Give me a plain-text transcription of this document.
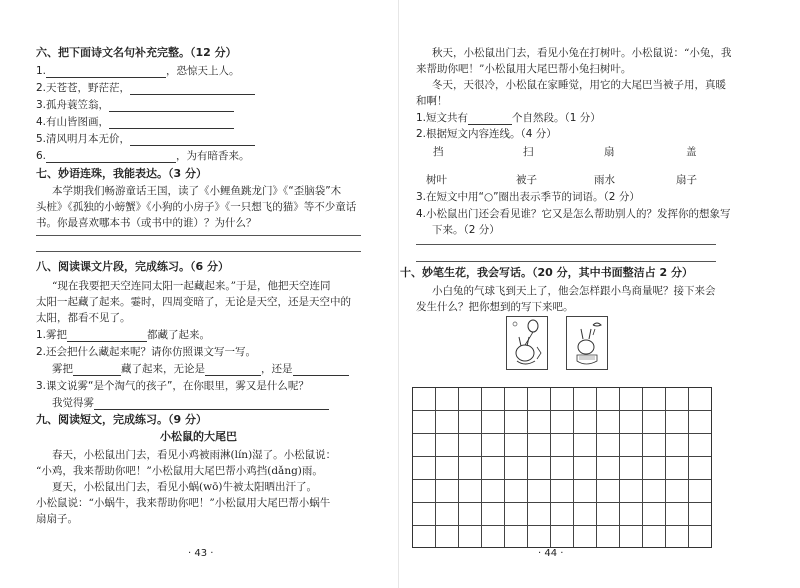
六、把下面诗文名句补充完整。（12 分）
1.	，恐惊天上人。
2.天苍苍，野茫茫，
3.孤舟蓑笠翁，
4.有山皆图画，
5.清风明月本无价，
6.	，为有暗香来。
七、妙语连珠，我能表达。（3 分）
本学期我们畅游童话王国，读了《小鲤鱼跳龙门》《“歪脑袋”木
头桩》《孤独的小螃蟹》《小狗的小房子》《一只想飞的猫》等不少童话
书。你最喜欢哪本书（或书中的谁）？为什么？
八、阅读课文片段，完成练习。（6 分）
“现在我要把天空连同太阳一起藏起来。”于是，他把天空连同
太阳一起藏了起来。霎时，四周变暗了，无论是天空，还是天空中的
太阳，都看不见了。
1.雾把	都藏了起来。
2.还会把什么藏起来呢？请你仿照课文写一写。
雾把	藏了起来，无论是	，还是
3.课文说雾“是个淘气的孩子”，在你眼里，雾又是什么呢？
我觉得雾
九、阅读短文，完成练习。（9 分）
小松鼠的大尾巴
春天，小松鼠出门去，看见小鸡被雨淋(lín)湿了。小松鼠说：
“小鸡，我来帮助你吧！”小松鼠用大尾巴帮小鸡挡(dǎng)雨。
夏天，小松鼠出门去，看见小蜗(wō)牛被太阳晒出汗了。
小松鼠说：“小蜗牛，我来帮助你吧！”小松鼠用大尾巴帮小蜗牛
扇扇子。
· 43 ·
秋天，小松鼠出门去，看见小兔在打树叶。小松鼠说：“小兔，我
来帮助你吧！”小松鼠用大尾巴帮小兔扫树叶。
冬天，天很冷，小松鼠在家睡觉，用它的大尾巴当被子用，真暖
和啊！
1.短文共有	个自然段。（1 分）
2.根据短文内容连线。（4 分）
挡	扫	扇	盖
树叶	被子	雨水	扇子
3.在短文中用“○”圈出表示季节的词语。（2 分）
4.小松鼠出门还会看见谁？它又是怎么帮助别人的？发挥你的想象写
下来。（2 分）
十、妙笔生花，我会写话。（20 分，其中书面整洁占 2 分）
小白兔的气球飞到天上了，他会怎样跟小鸟商量呢？接下来会
发生什么？把你想到的写下来吧。
· 44 ·
